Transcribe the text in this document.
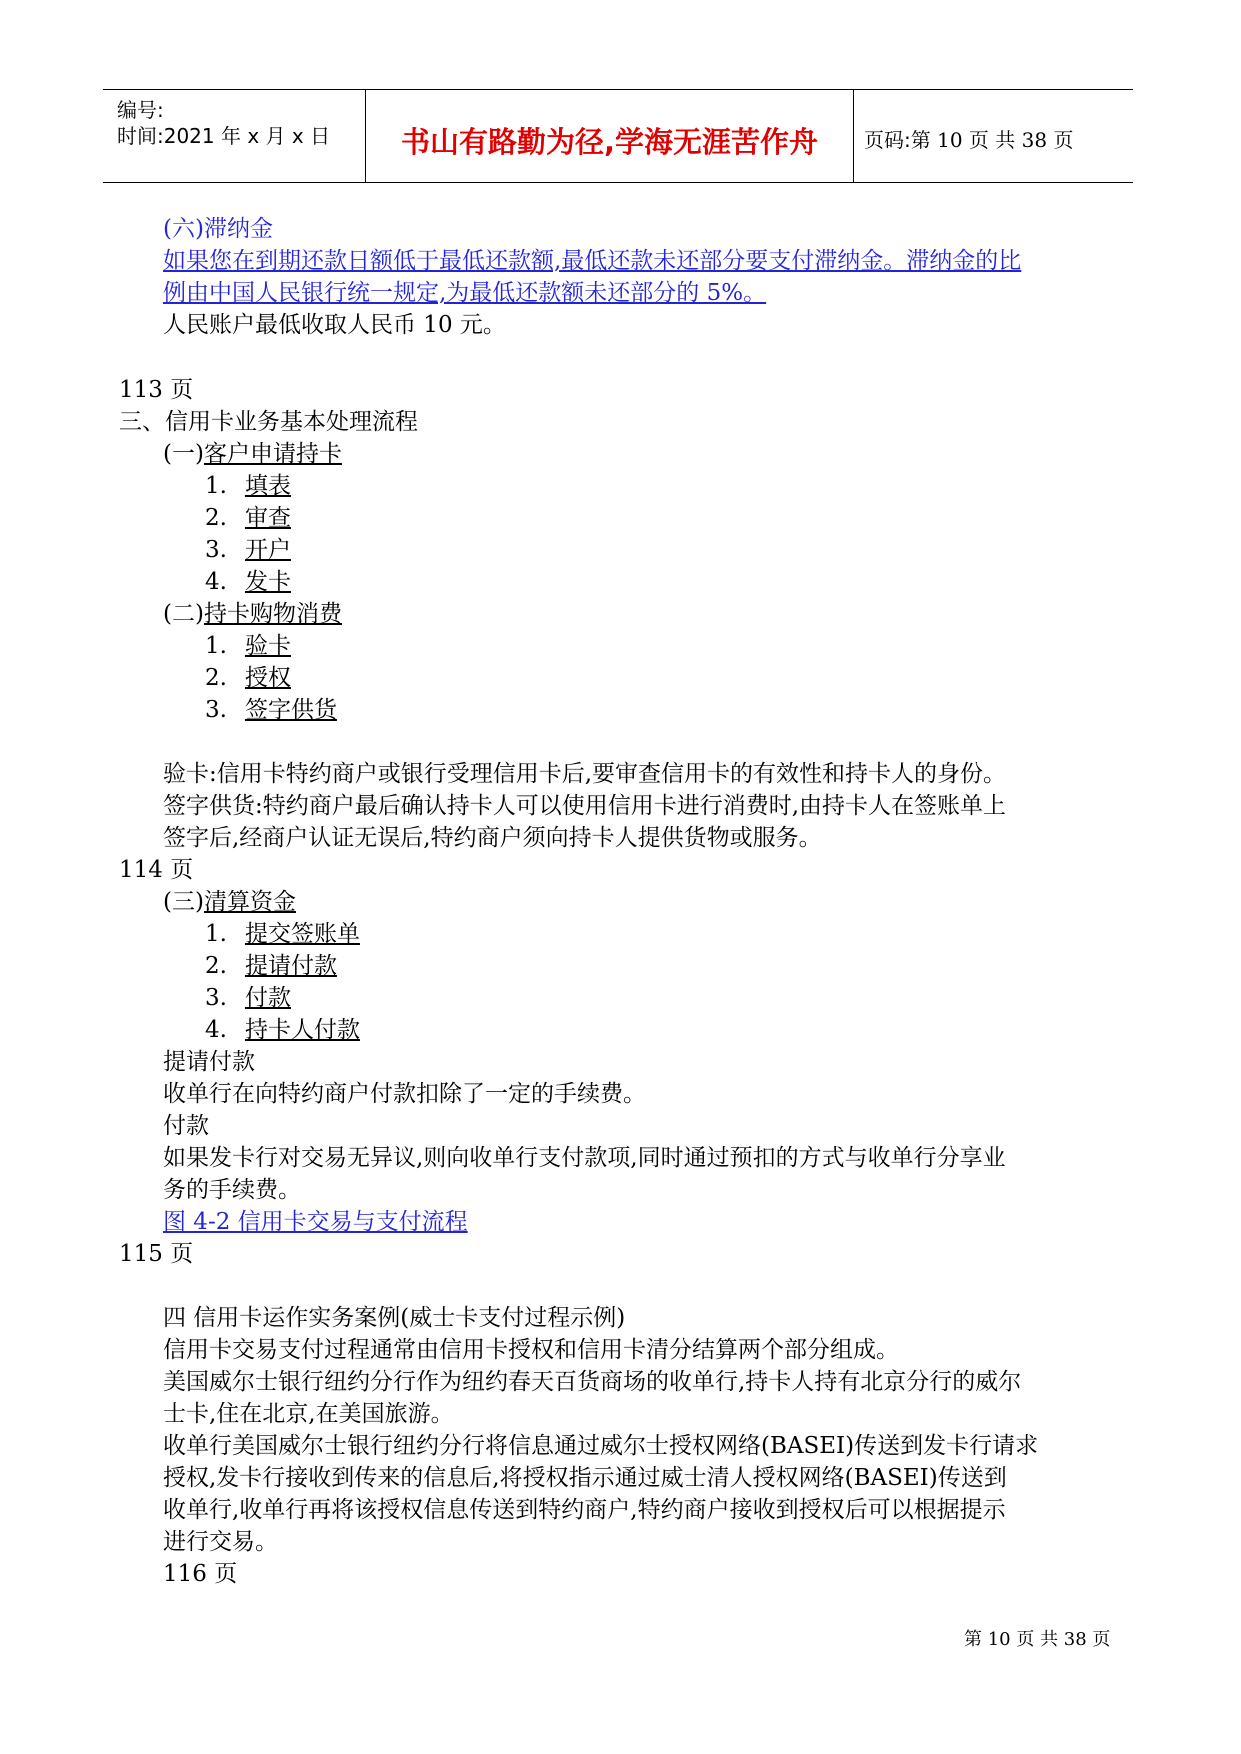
编号:
时间:2021 年 x 月 x 日	书山有路勤为径,学海无涯苦作舟	页码:第 10 页 共 38 页
(六)滞纳金
如果您在到期还款日额低于最低还款额,最低还款未还部分要支付滞纳金。滞纳金的比
例由中国人民银行统一规定,为最低还款额未还部分的 5%。
人民账户最低收取人民币 10 元。
113 页
三、信用卡业务基本处理流程
(一)客户申请持卡
1. 填表
2. 审查
3. 开户
4. 发卡
(二)持卡购物消费
1. 验卡
2. 授权
3. 签字供货
验卡:信用卡特约商户或银行受理信用卡后,要审查信用卡的有效性和持卡人的身份。
签字供货:特约商户最后确认持卡人可以使用信用卡进行消费时,由持卡人在签账单上
签字后,经商户认证无误后,特约商户须向持卡人提供货物或服务。
114 页
(三)清算资金
1. 提交签账单
2. 提请付款
3. 付款
4. 持卡人付款
提请付款
收单行在向特约商户付款扣除了一定的手续费。
付款
如果发卡行对交易无异议,则向收单行支付款项,同时通过预扣的方式与收单行分享业
务的手续费。
图 4-2 信用卡交易与支付流程
115 页
四 信用卡运作实务案例(威士卡支付过程示例)
信用卡交易支付过程通常由信用卡授权和信用卡清分结算两个部分组成。
美国威尔士银行纽约分行作为纽约春天百货商场的收单行,持卡人持有北京分行的威尔
士卡,住在北京,在美国旅游。
收单行美国威尔士银行纽约分行将信息通过威尔士授权网络(BASEI)传送到发卡行请求
授权,发卡行接收到传来的信息后,将授权指示通过威士清人授权网络(BASEI)传送到
收单行,收单行再将该授权信息传送到特约商户,特约商户接收到授权后可以根据提示
进行交易。
116 页
第 10 页 共 38 页
